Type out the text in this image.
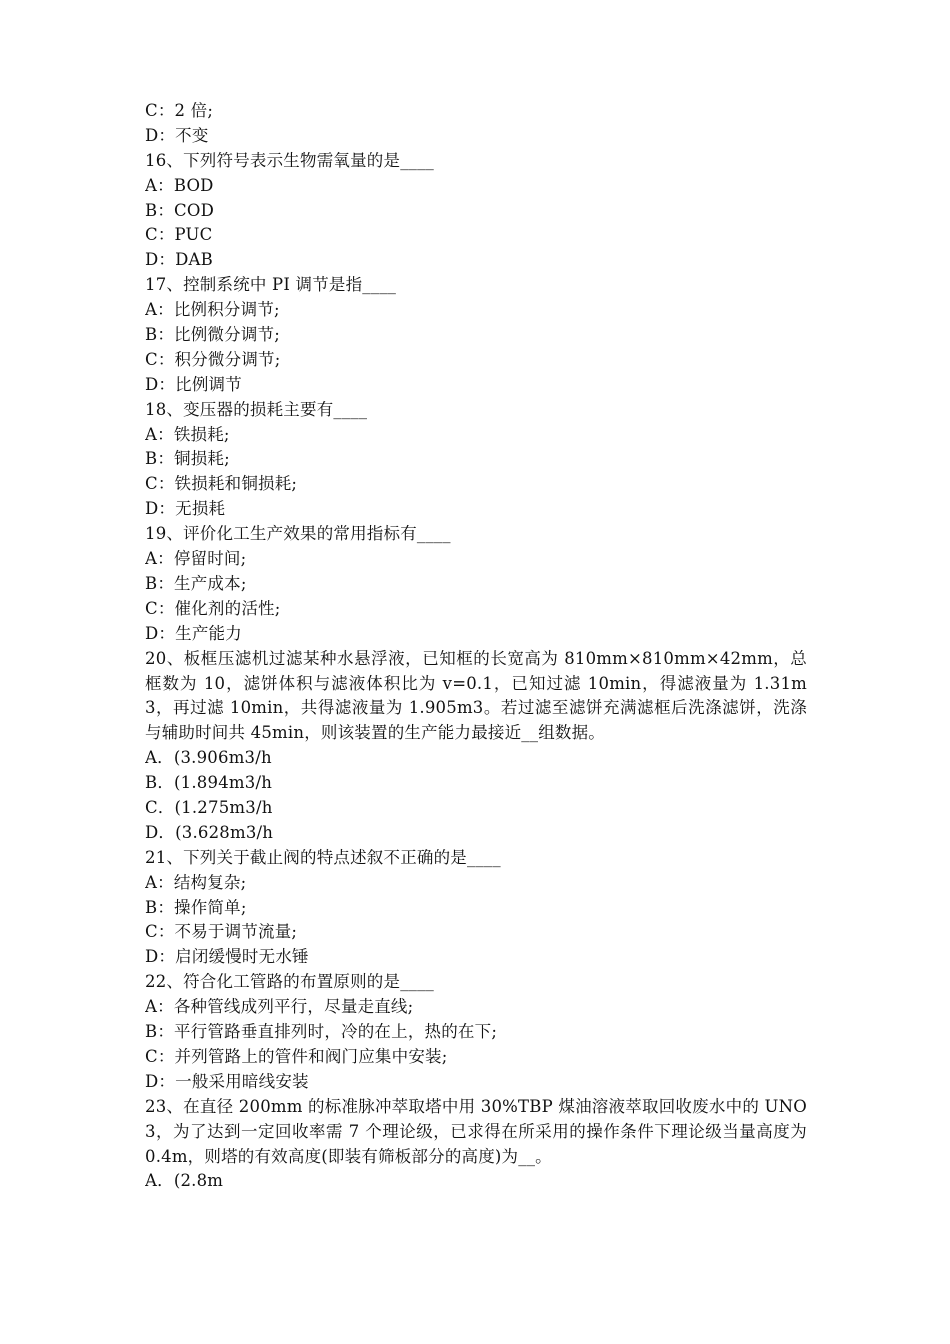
C：2 倍;
D：不变
16、下列符号表示生物需氧量的是____
A：BOD
B：COD
C：PUC
D：DAB
17、控制系统中 PI 调节是指____
A：比例积分调节;
B：比例微分调节;
C：积分微分调节;
D：比例调节
18、变压器的损耗主要有____
A：铁损耗;
B：铜损耗;
C：铁损耗和铜损耗;
D：无损耗
19、评价化工生产效果的常用指标有____
A：停留时间;
B：生产成本;
C：催化剂的活性;
D：生产能力
20、板框压滤机过滤某种水悬浮液，已知框的长宽高为 810mm×810mm×42mm，总框数为 10，滤饼体积与滤液体积比为 v=0.1，已知过滤 10min，得滤液量为 1.31m3，再过滤 10min，共得滤液量为 1.905m3。若过滤至滤饼充满滤框后洗涤滤饼，洗涤与辅助时间共 45min，则该装置的生产能力最接近__组数据。
A．(3.906m3/h
B．(1.894m3/h
C．(1.275m3/h
D．(3.628m3/h
21、下列关于截止阀的特点述叙不正确的是____
A：结构复杂;
B：操作简单;
C：不易于调节流量;
D：启闭缓慢时无水锤
22、符合化工管路的布置原则的是____
A：各种管线成列平行，尽量走直线;
B：平行管路垂直排列时，冷的在上，热的在下;
C：并列管路上的管件和阀门应集中安装;
D：一般采用暗线安装
23、在直径 200mm 的标准脉冲萃取塔中用 30%TBP 煤油溶液萃取回收废水中的 UNO3，为了达到一定回收率需 7 个理论级，已求得在所采用的操作条件下理论级当量高度为 0.4m，则塔的有效高度(即装有筛板部分的高度)为__。
A．(2.8m
